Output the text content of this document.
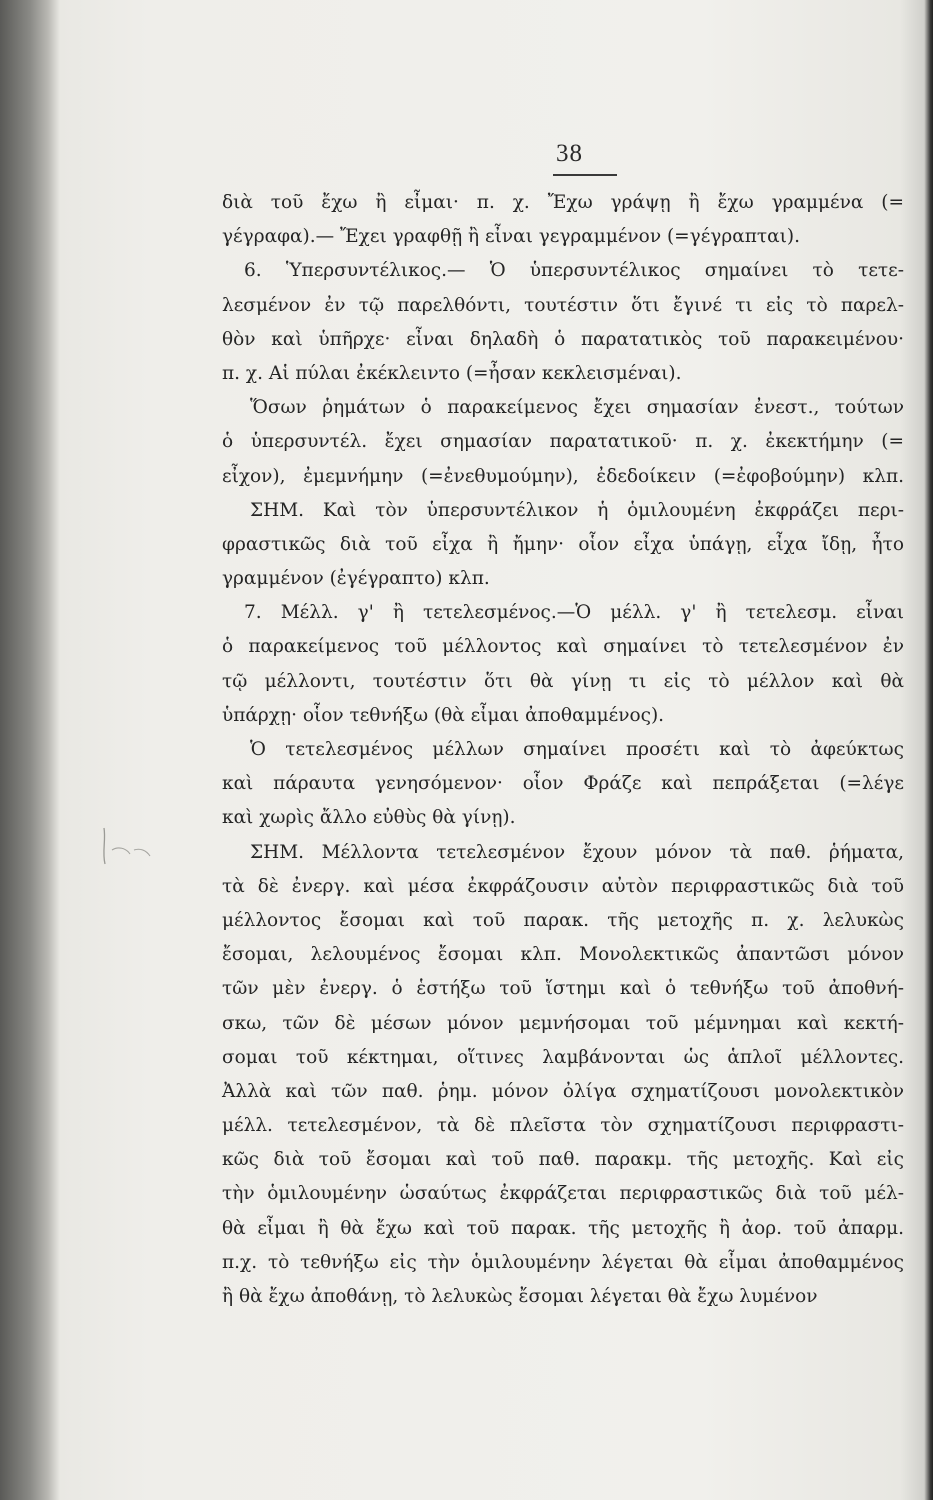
38
διὰ τοῦ ἔχω ἢ εἶμαι· π. χ. Ἔχω γράψῃ ἢ ἔχω γραμμένα (=
γέγραφα).— Ἔχει γραφθῇ ἢ εἶναι γεγραμμένον (=γέγραπται).
6. Ὑπερσυντέλικος.— Ὁ ὑπερσυντέλικος σημαίνει τὸ τετε-
λεσμένον ἐν τῷ παρελθόντι, τουτέστιν ὅτι ἔγινέ τι εἰς τὸ παρελ-
θὸν καὶ ὑπῆρχε· εἶναι δηλαδὴ ὁ παρατατικὸς τοῦ παρακειμένου·
π. χ. Αἱ πύλαι ἐκέκλειντο (=ἦσαν κεκλεισμέναι).
Ὅσων ῥημάτων ὁ παρακείμενος ἔχει σημασίαν ἐνεστ., τούτων
ὁ ὑπερσυντέλ. ἔχει σημασίαν παρατατικοῦ· π. χ. ἐκεκτήμην (=
εἶχον), ἐμεμνήμην (=ἐνεθυμούμην), ἐδεδοίκειν (=ἐφοβούμην) κλπ.
ΣΗΜ. Καὶ τὸν ὑπερσυντέλικον ἡ ὁμιλουμένη ἐκφράζει περι-
φραστικῶς διὰ τοῦ εἶχα ἢ ἤμην· οἷον εἶχα ὑπάγῃ, εἶχα ἴδῃ, ἦτο
γραμμένον (ἐγέγραπτο) κλπ.
7. Μέλλ. γ' ἢ τετελεσμένος.—Ὁ μέλλ. γ' ἢ τετελεσμ. εἶναι
ὁ παρακείμενος τοῦ μέλλοντος καὶ σημαίνει τὸ τετελεσμένον ἐν
τῷ μέλλοντι, τουτέστιν ὅτι θὰ γίνῃ τι εἰς τὸ μέλλον καὶ θὰ
ὑπάρχῃ· οἷον τεθνήξω (θὰ εἶμαι ἀποθαμμένος).
Ὁ τετελεσμένος μέλλων σημαίνει προσέτι καὶ τὸ ἀφεύκτως
καὶ πάραυτα γενησόμενον· οἷον Φράζε καὶ πεπράξεται (=λέγε
καὶ χωρὶς ἄλλο εὐθὺς θὰ γίνῃ).
ΣΗΜ. Μέλλοντα τετελεσμένον ἔχουν μόνον τὰ παθ. ῥήματα,
τὰ δὲ ἐνεργ. καὶ μέσα ἐκφράζουσιν αὐτὸν περιφραστικῶς διὰ τοῦ
μέλλοντος ἔσομαι καὶ τοῦ παρακ. τῆς μετοχῆς π. χ. λελυκὼς
ἔσομαι, λελουμένος ἔσομαι κλπ. Μονολεκτικῶς ἀπαντῶσι μόνον
τῶν μὲν ἐνεργ. ὁ ἑστήξω τοῦ ἵστημι καὶ ὁ τεθνήξω τοῦ ἀποθνή-
σκω, τῶν δὲ μέσων μόνον μεμνήσομαι τοῦ μέμνημαι καὶ κεκτή-
σομαι τοῦ κέκτημαι, οἵτινες λαμβάνονται ὡς ἁπλοῖ μέλλοντες.
Ἀλλὰ καὶ τῶν παθ. ῥημ. μόνον ὀλίγα σχηματίζουσι μονολεκτικὸν
μέλλ. τετελεσμένον, τὰ δὲ πλεῖστα τὸν σχηματίζουσι περιφραστι-
κῶς διὰ τοῦ ἔσομαι καὶ τοῦ παθ. παρακμ. τῆς μετοχῆς. Καὶ εἰς
τὴν ὁμιλουμένην ὡσαύτως ἐκφράζεται περιφραστικῶς διὰ τοῦ μέλ-
θὰ εἶμαι ἢ θὰ ἔχω καὶ τοῦ παρακ. τῆς μετοχῆς ἢ ἀορ. τοῦ ἀπαρμ.
π.χ. τὸ τεθνήξω εἰς τὴν ὁμιλουμένην λέγεται θὰ εἶμαι ἀποθαμμένος
ἢ θὰ ἔχω ἀποθάνῃ, τὸ λελυκὼς ἔσομαι λέγεται θὰ ἔχω λυμένον
